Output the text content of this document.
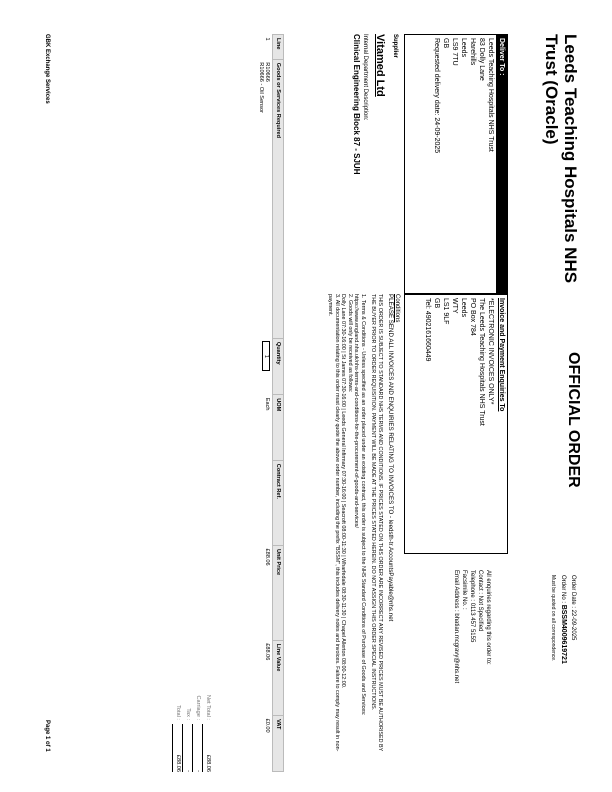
Leeds Teaching Hospitals NHS Trust (Oracle)
OFFICIAL ORDER
Order Date : 22-09-2025
Order No : BSSM4009619721
Must be quoted on all correspondence.
Deliver To :
Leeds Teaching Hospitals NHS Trust
83 Dolly Lane
Harehills
Leeds
LS9 7TU
GB
Requested delivery date: 24-09-2025
Invoice and Payment Enquiries To
*ELECTRONIC INVOICES ONLY*
The Leeds Teaching Hospitals NHS Trust
PO Box 784
Leeds
WTY
LS1 9LF
GB
Tel: 4902161660449
All enquiries regarding this order to:
Contact : Not Specified
Telephone : 0113 457 5155
Facsimile No. :
Email Address : bhatian.mcgravy@nhs.net
Supplier
Vitamed Ltd
Internal Department Description:
Clinical Engineering Block 87 - SJUH
Conditions

PLEASE SEND ALL INVOICES AND ENQUIRIES RELATING TO INVOICES TO - leedsth-tr.AccountsPayable@nhs.net

THIS ORDER IS SUBJECT TO STANDARD NHS TERMS AND CONDITIONS. IF PRICES STATED ON THIS ORDER ARE INCORRECT ANY REVISED PRICES MUST BE AUTHORISED BY THE BUYER PRIOR TO ORDER REQUISITION. PAYMENT WILL BE MADE AT THE PRICES STATED HEREIN. DO NOT ASSIGN THIS ORDER SPECIAL INSTRUCTIONS.

1. Terms & Conditions - Unless specified as an order placed under an existing contract, this order is subject to the NHS Standard Conditions of Purchase of Goods and Services:
https://www.england.nhs.uk/nhs-terms-and-conditions-for-the-procurement-of-goods-and-services/
2. Goods will only be received as follows:
Dolly Lane 07:30-16:00 | St James 07:30-16:00 | Leeds General Infirmary 07:30-16:00 | Seacroft 08:00-11:30 | Wharfedale 08:30-11:30 | Chapel Allerton 08:00-12:00.
3. All documentation relating to this order must clearly quote the above order number, including the prefix "BSSM", this includes delivery notes and invoices. Failure to comply may result in non-payment.
Line	Goods or Services Required	Quantity	UOM	Contract Ref.	Unit Price	Line Value	VAT
1	R10666
R10666 - Oil Sensor	1	Each		£88.06	£88.06	£0.00
Net Total :
£88.06
Carriage :
-
Tax :
-
Total :
£88.06
GBK Exchange Services
Page 1 of 1
